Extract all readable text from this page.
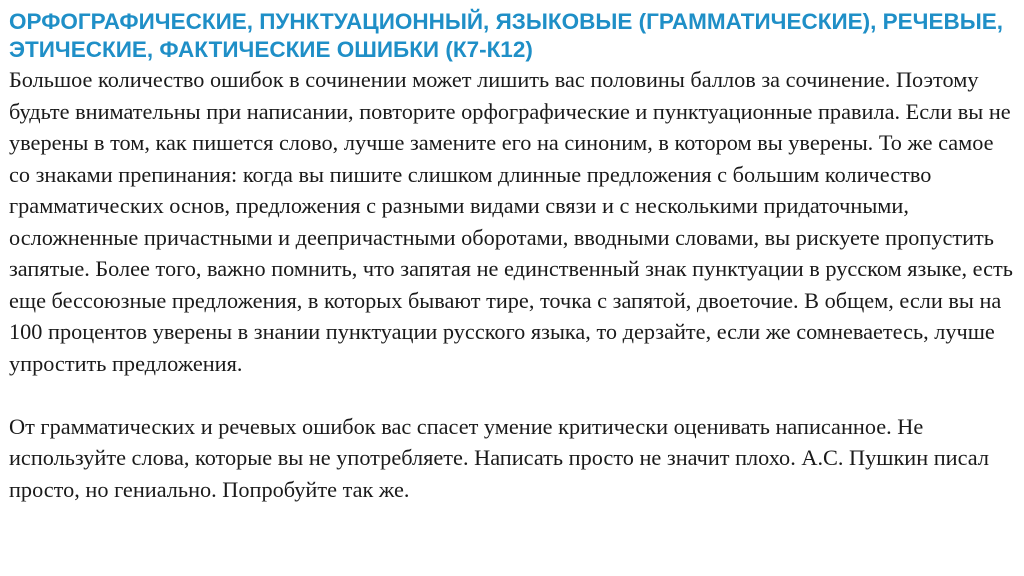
ОРФОГРАФИЧЕСКИЕ, ПУНКТУАЦИОННЫЙ, ЯЗЫКОВЫЕ (ГРАММАТИЧЕСКИЕ), РЕЧЕВЫЕ, ЭТИЧЕСКИЕ, ФАКТИЧЕСКИЕ ОШИБКИ (К7-К12)

Большое количество ошибок в сочинении может лишить вас половины баллов за сочинение. Поэтому будьте внимательны при написании, повторите орфографические и пунктуационные правила. Если вы не уверены в том, как пишется слово, лучше замените его на синоним, в котором вы уверены. То же самое со знаками препинания: когда вы пишите слишком длинные предложения с большим количество грамматических основ, предложения с разными видами связи и с несколькими придаточными, осложненные причастными и деепричастными оборотами, вводными словами, вы рискуете пропустить запятые. Более того, важно помнить, что запятая не единственный знак пунктуации в русском языке, есть еще бессоюзные предложения, в которых бывают тире, точка с запятой, двоеточие. В общем, если вы на 100 процентов уверены в знании пунктуации русского языка, то дерзайте, если же сомневаетесь, лучше упростить предложения.

От грамматических и речевых ошибок вас спасет умение критически оценивать написанное. Не используйте слова, которые вы не употребляете. Написать просто не значит плохо. А.С. Пушкин писал просто, но гениально. Попробуйте так же.
